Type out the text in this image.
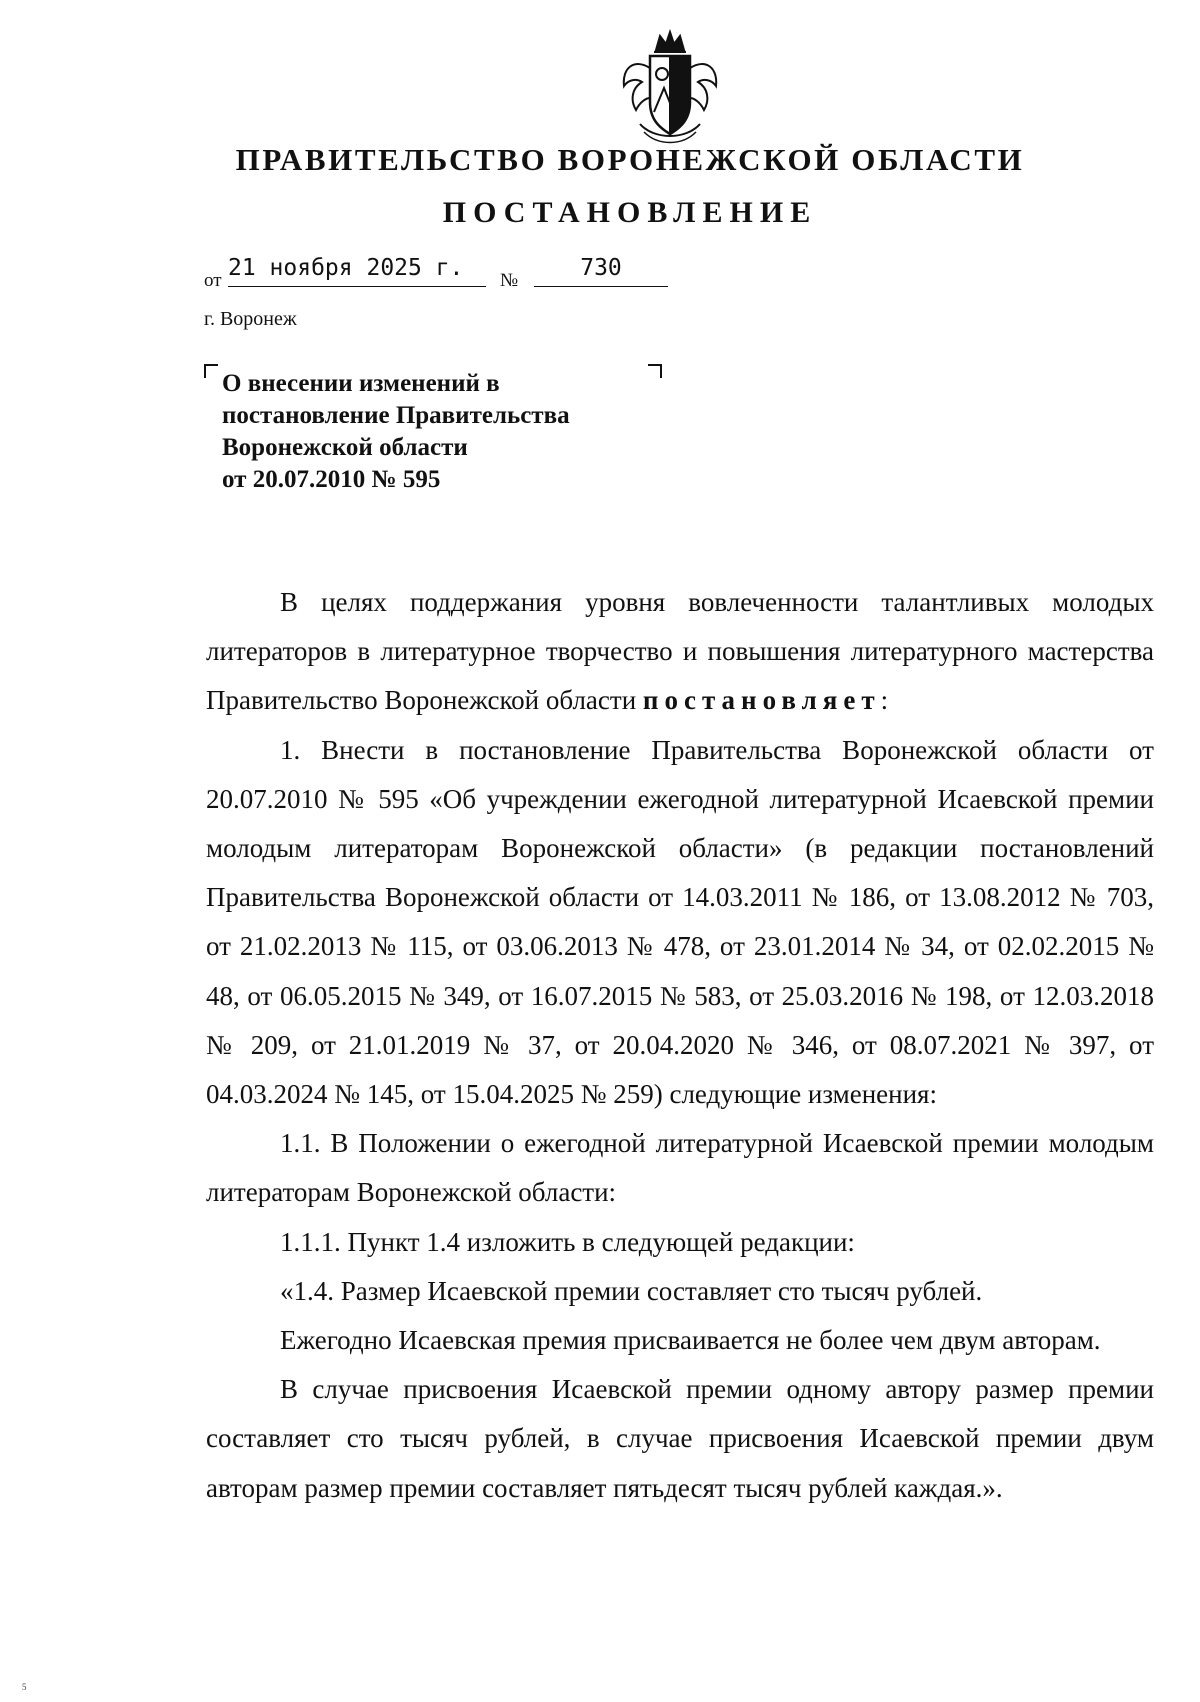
ПРАВИТЕЛЬСТВО ВОРОНЕЖСКОЙ ОБЛАСТИ
ПОСТАНОВЛЕНИЕ
от 21 ноября 2025 г.	№	730
г. Воронеж
О внесении изменений в
постановление Правительства
Воронежской области
от 20.07.2010 № 595

В целях поддержания уровня вовлеченности талантливых молодых литераторов в литературное творчество и повышения литературного мастерства Правительство Воронежской области постановляет:

1. Внести в постановление Правительства Воронежской области от 20.07.2010 № 595 «Об учреждении ежегодной литературной Исаевской премии молодым литераторам Воронежской области» (в редакции постановлений Правительства Воронежской области от 14.03.2011 № 186, от 13.08.2012 № 703, от 21.02.2013 № 115, от 03.06.2013 № 478, от 23.01.2014 № 34, от 02.02.2015 № 48, от 06.05.2015 № 349, от 16.07.2015 № 583, от 25.03.2016 № 198, от 12.03.2018 № 209, от 21.01.2019 № 37, от 20.04.2020 № 346, от 08.07.2021 № 397, от 04.03.2024 № 145, от 15.04.2025 № 259) следующие изменения:

1.1. В Положении о ежегодной литературной Исаевской премии молодым литераторам Воронежской области:

1.1.1. Пункт 1.4 изложить в следующей редакции:

«1.4. Размер Исаевской премии составляет сто тысяч рублей.

Ежегодно Исаевская премия присваивается не более чем двум авторам.

В случае присвоения Исаевской премии одному автору размер премии составляет сто тысяч рублей, в случае присвоения Исаевской премии двум авторам размер премии составляет пятьдесят тысяч рублей каждая.».

5
